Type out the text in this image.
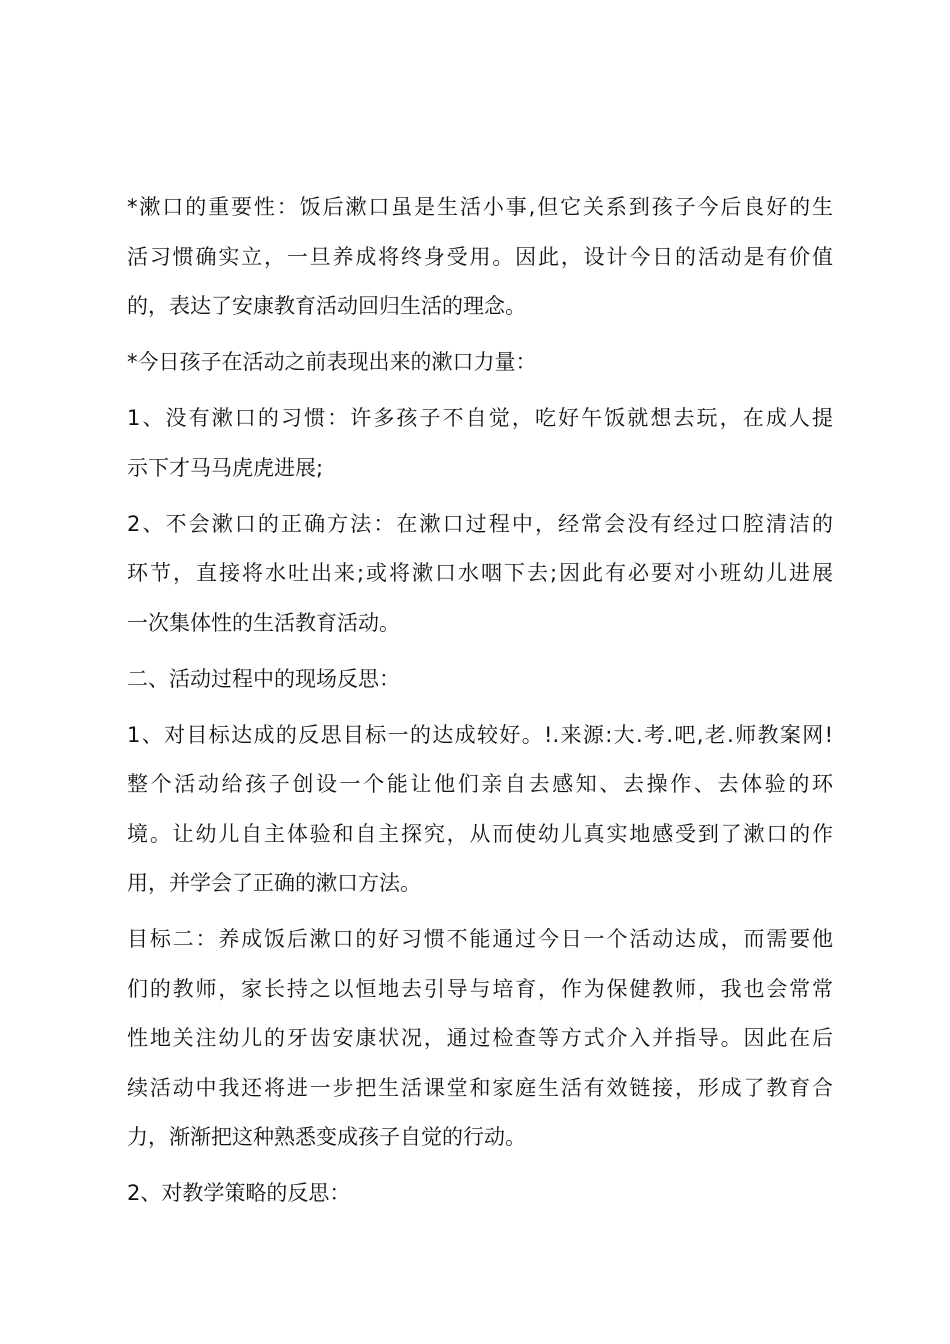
*漱口的重要性：饭后漱口虽是生活小事,但它关系到孩子今后良好的生
活习惯确实立，一旦养成将终身受用。因此，设计今日的活动是有价值
的，表达了安康教育活动回归生活的理念。

*今日孩子在活动之前表现出来的漱口力量：

1、没有漱口的习惯：许多孩子不自觉，吃好午饭就想去玩，在成人提
示下才马马虎虎进展;

2、不会漱口的正确方法：在漱口过程中，经常会没有经过口腔清洁的
环节，直接将水吐出来;或将漱口水咽下去;因此有必要对小班幼儿进展
一次集体性的生活教育活动。

二、活动过程中的现场反思：

1、对目标达成的反思目标一的达成较好。!.来源:大.考.吧,老.师教案网!
整个活动给孩子创设一个能让他们亲自去感知、去操作、去体验的环
境。让幼儿自主体验和自主探究，从而使幼儿真实地感受到了漱口的作
用，并学会了正确的漱口方法。

目标二：养成饭后漱口的好习惯不能通过今日一个活动达成，而需要他
们的教师，家长持之以恒地去引导与培育，作为保健教师，我也会常常
性地关注幼儿的牙齿安康状况，通过检查等方式介入并指导。因此在后
续活动中我还将进一步把生活课堂和家庭生活有效链接，形成了教育合
力，渐渐把这种熟悉变成孩子自觉的行动。

2、对教学策略的反思：
